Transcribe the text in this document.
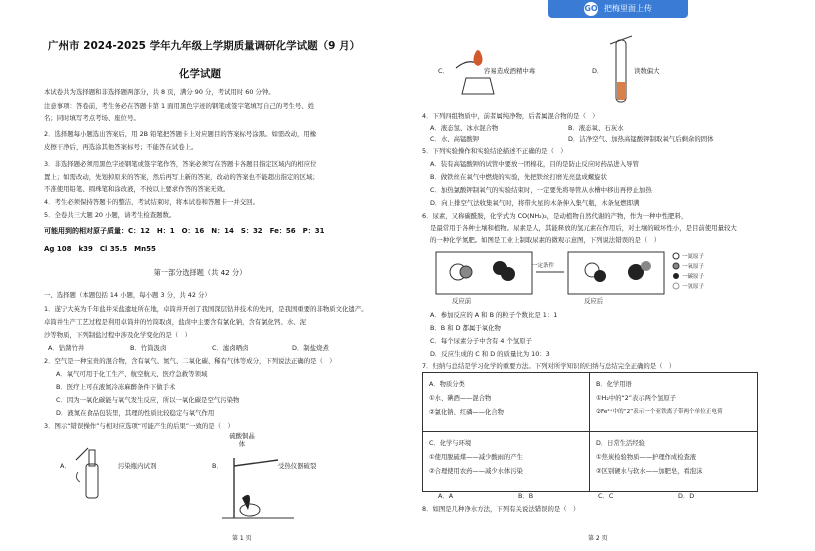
GO 把梅里面上传
广州市 2024-2025 学年九年级上学期质量调研化学试题（9 月）
化学试题
本试卷共为选择题和非选择题两部分，共 8 页，满分 90 分，考试用时 60 分钟。
注意事项：答卷前，考生务必在答题卡第 1 面用黑色字迹的钢笔或签字笔填写自己的考生号、姓
名；同时填写考点考场、座位号。
2．选择题每小题选出答案后，用 2B 铅笔把答题卡上对应题目的答案标号涂黑。如需改动，用橡
皮擦干净后，再选涂其他答案标号；不能答在试卷上。
3．非选择题必须用黑色字迹钢笔或签字笔作答，答案必须写在答题卡各题目指定区域内的相应位
置上；如需改动，先划掉原来的答案，然后再写上新的答案，改动的答案也不能超出指定的区域；
不准使用铅笔、圆珠笔和涂改液，不按以上要求作答的答案无效。
4．考生必须保持答题卡的整洁，考试结束时，将本试卷和答题卡一并交回。
5．全卷共三大题 20 小题，请考生检查题数。
可能用到的相对原子质量：C：12　H：1　O：16　N：14　S：32　Fe：56　P：31
Ag 108　k39　Cl 35.5　Mn55
第一部分选择题（共 42 分）
一、选择题（本题包括 14 小题，每小题 3 分，共 42 分）
1．遂宁大英为千年盐井采盐遗址所在地，卓筒井开创了我国深层钻井技术的先河，是我国重要的非物质文化遗产。
卓筒井生产工艺过程是利用卓筒井的竹筒取卤，盐卤中主要含有氯化钠，含有氯化钙、水、泥
沙等物质，下列制盐过程中涉及化学变化的是（　）
A．钻凿竹井	B．竹筒汲卤	C．滤卤晒卤	D．制盐烧煮
2．空气是一种宝贵的混合物，含有氧气、氮气、二氧化碳、稀有气体等成分，下列说法正确的是（　）
A．氧气可用于化工生产、航空航天、医疗急救等领域
B．医疗上可在液氮冷冻麻醉条件下做手术
C．因为一氧化碳能与氧气发生反应，所以一氧化碳是空气污染物
D．液氮在食品包装里，其理的性质比较稳定与氧气作用
3．图示“错误操作”与相对应选项“可能产生的后果”一致的是（　）
A．	污染瓶内试剂	B．	受热仪器破裂
硫酸铜晶体
第 1 页
C．	容易造成酒精中毒	D．	读数偏大
4．下列四组物质中，前者属纯净物，后者属混合物的是（　）
A．液态氢、冰水混合物	B．液态氧、石灰水
C．水、高锰酸钾	D．洁净空气、加热高锰酸钾制取氧气后剩余的固体
5．下列实验操作和实验结论描述不正确的是（　）
A．装有高锰酸钾的试管中要放一团棉花，目的是防止反应时药品进入导管
B．做铁丝在氧气中燃烧的实验，先把铁丝打磨光亮盘成螺旋状
C．加热氯酸钾制氧气的实验结束时，一定要先将导管从水槽中移出再停止加热
D．向上排空气法收集氧气时，将带火星的木条伸入集气瓶，木条复燃即满
6．尿素，又称碳酰胺，化学式为 CO(NH₂)₂，是动植物自然代谢的产物，作为一种中性肥料，
是最常用于各种土壤和植物。尿素是人，其能释放的氢元素在作用后，对土壤的破坏性小，是目前使用量较大
的一种化学氮肥。如图是工业上制取尿素的微观示意图，下列说法错误的是（　）
一定条件
一氮原子
一氧原子
一碳原子
一氢原子
反应前	反应后
A．参加反应的 A 和 B 的粒子个数比是 1：1
B．B 和 D 都属于氧化物
C．每个尿素分子中含有 4 个氢原子
D．反应生成的 C 和 D 的质量比为 10：3
7．归纳与总结是学习化学的重要方法。下列对所学知识的归纳与总结完全正确的是（　）
A．A	B．B	C．C	D．D
8．如图是几种净水方法，下列有关说法错误的是（　）
第 2 页
A．物质分类
①水、碘酒——混合物
②氯化钠、红磷——化合物
B．化学用语
①H₂中的“2”表示两个氢原子
②Fe²⁺中的“2”表示一个亚铁离子带两个单位正电荷
C．化学与环境
①使用脱硫煤——减少酸雨的产生
②合理使用农药——减少水体污染
D．日常生活经验
①焦炭检验物质——护理作成检查液
②区别硬水与软水——加肥皂，看泡沫
